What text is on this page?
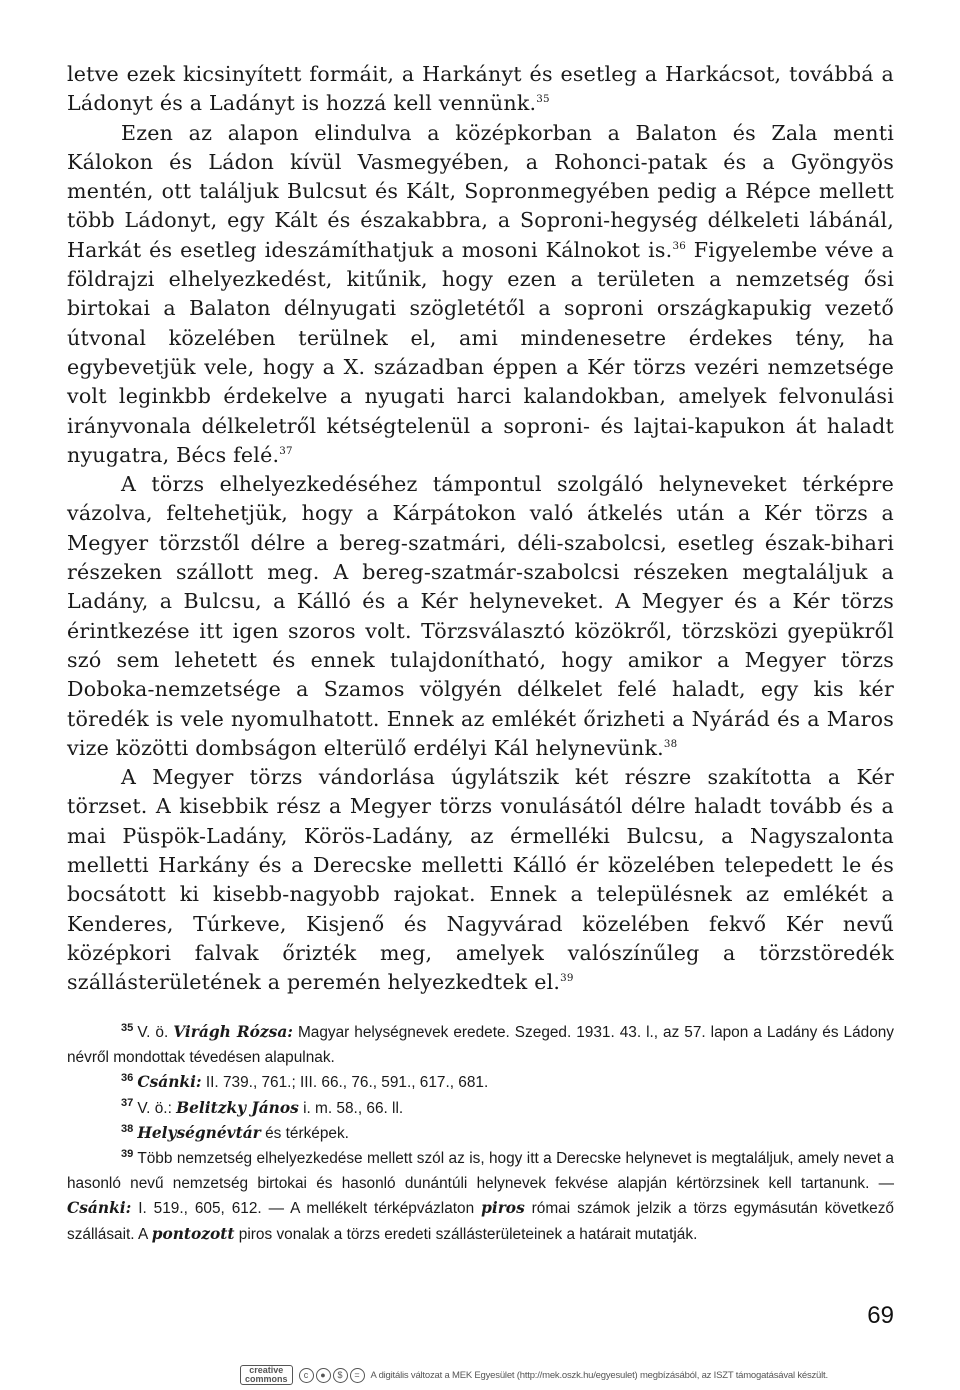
letve ezek kicsinyített formáit, a Harkányt és esetleg a Harkácsot, továbbá a Ládonyt és a Ladányt is hozzá kell vennünk.$^{35}$

Ezen az alapon elindulva a középkorban a Balaton és Zala menti Kálokon és Ládon kívül Vasmegyében, a Rohonci-patak és a Gyöngyös mentén, ott találjuk Bulcsut és Kált, Sopronmegyében pedig a Répce mellett több Ládonyt, egy Kált és északabbra, a Soproni-hegység délkeleti lábánál, Harkát és esetleg ideszámíthatjuk a mosoni Kálnokot is.$^{36}$ Figyelembe véve a földrajzi elhelyezkedést, kitűnik, hogy ezen a területen a nemzetség ősi birtokai a Balaton délnyugati szögletétől a soproni országkapukig vezető útvonal közelében terülnek el, ami mindenesetre érdekes tény, ha egybevetjük vele, hogy a X. században éppen a Kér törzs vezéri nemzetsége volt leginkbb érdekelve a nyugati harci kalandokban, amelyek felvonulási irányvonala délkeletről kétségtelenül a soproni- és lajtai-kapukon át haladt nyugatra, Bécs felé.$^{37}$

A törzs elhelyezkedéséhez támpontul szolgáló helyneveket térképre vázolva, feltehetjük, hogy a Kárpátokon való átkelés után a Kér törzs a Megyer törzstől délre a bereg-szatmári, déli-szabolcsi, esetleg észak-bihari részeken szállott meg. A bereg-szatmár-szabolcsi részeken megtaláljuk a Ladány, a Bulcsu, a Kálló és a Kér helyneveket. A Megyer és a Kér törzs érintkezése itt igen szoros volt. Törzsválasztó közökről, törzsközi gyepükről szó sem lehetett és ennek tulajdonítható, hogy amikor a Megyer törzs Doboka-nemzetsége a Szamos völgyén délkelet felé haladt, egy kis kér töredék is vele nyomulhatott. Ennek az emlékét őrizheti a Nyárád és a Maros vize közötti dombságon elterülő erdélyi Kál helynevünk.$^{38}$

A Megyer törzs vándorlása úgylátszik két részre szakította a Kér törzset. A kisebbik rész a Megyer törzs vonulásától délre haladt tovább és a mai Püspök-Ladány, Körös-Ladány, az érmelléki Bulcsu, a Nagyszalonta melletti Harkány és a Derecske melletti Kálló ér közelében telepedett le és bocsátott ki kisebb-nagyobb rajokat. Ennek a településnek az emlékét a Kenderes, Túrkeve, Kisjenő és Nagyvárad közelében fekvő Kér nevű középkori falvak őrizték meg, amelyek valószínűleg a törzstöredék szállásterületének a peremén helyezkedtek el.$^{39}$

$^{35}$ V. ö. Virágh Rózsa: Magyar helységnevek eredete. Szeged. 1931. 43. l., az 57. lapon a Ladány és Ládony névről mondottak tévedésen alapulnak.

$^{36}$ Csánki: II. 739., 761.; III. 66., 76., 591., 617., 681.

$^{37}$ V. ö.: Belitzky János i. m. 58., 66. ll.

$^{38}$ Helységnévtár és térképek.

$^{39}$ Több nemzetség elhelyezkedése mellett szól az is, hogy itt a Derecske helynevet is megtaláljuk, amely nevet a hasonló nevű nemzetség birtokai és hasonló dunántúli helynevek fekvése alapján kértörzsinek kell tartanunk. — Csánki: I. 519., 605, 612. — A mellékelt térképvázlaton piros római számok jelzik a törzs egymásután következő szállásait. A pontozott piros vonalak a törzs eredeti szállásterületeinek a határait mutatják.

69
creative
commons	c	●	$	=	A digitális változat a MEK Egyesület (http://mek.oszk.hu/egyesulet) megbízásából, az ISZT támogatásával készült.
